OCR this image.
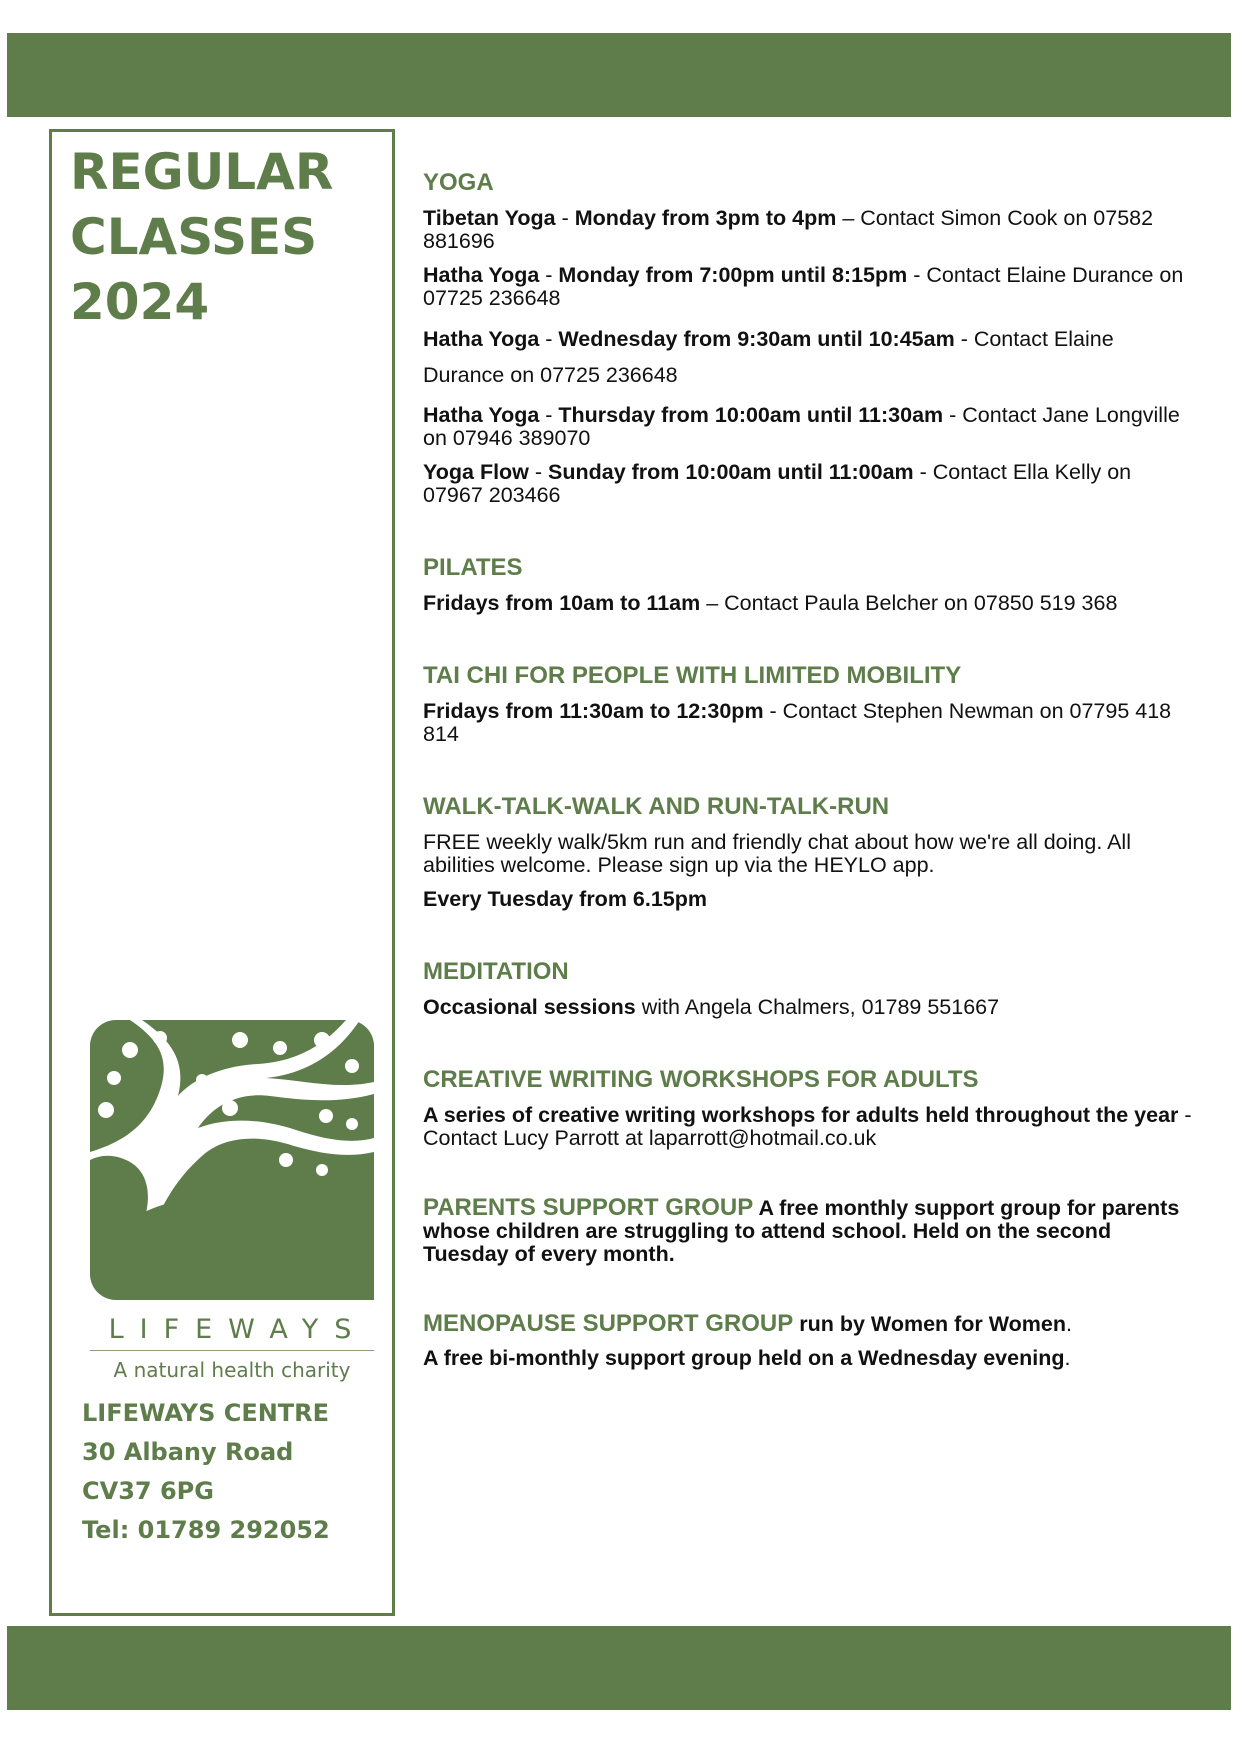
REGULAR
CLASSES
2024
LIFEWAYS
A natural health charity
LIFEWAYS CENTRE
30 Albany Road
CV37 6PG
Tel: 01789 292052
YOGA

Tibetan Yoga - Monday from 3pm to 4pm – Contact Simon Cook on 07582 881696

Hatha Yoga - Monday from 7:00pm until 8:15pm - Contact Elaine Durance on 07725 236648

Hatha Yoga - Wednesday from 9:30am until 10:45am - Contact Elaine Durance on 07725 236648

Hatha Yoga - Thursday from 10:00am until 11:30am - Contact Jane Longville on 07946 389070

Yoga Flow - Sunday from 10:00am until 11:00am - Contact Ella Kelly on 07967 203466

PILATES

Fridays from 10am to 11am – Contact Paula Belcher on 07850 519 368

TAI CHI FOR PEOPLE WITH LIMITED MOBILITY

Fridays from 11:30am to 12:30pm - Contact Stephen Newman on 07795 418 814

WALK-TALK-WALK AND RUN-TALK-RUN

FREE weekly walk/5km run and friendly chat about how we're all doing. All abilities welcome. Please sign up via the HEYLO app.

Every Tuesday from 6.15pm

MEDITATION

Occasional sessions with Angela Chalmers, 01789 551667

CREATIVE WRITING WORKSHOPS FOR ADULTS

A series of creative writing workshops for adults held throughout the year - Contact Lucy Parrott at laparrott@hotmail.co.uk

PARENTS SUPPORT GROUP A free monthly support group for parents whose children are struggling to attend school. Held on the second Tuesday of every month.

MENOPAUSE SUPPORT GROUP run by Women for Women.

A free bi-monthly support group held on a Wednesday evening.
